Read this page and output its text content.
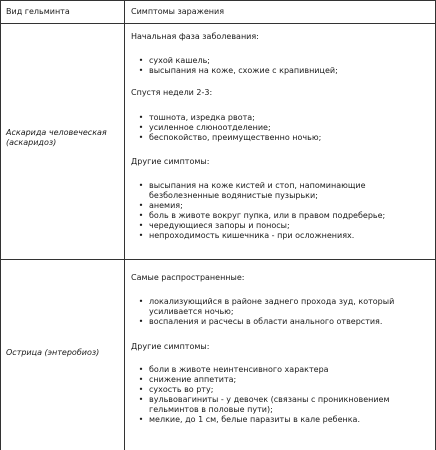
Вид гельминта	Симптомы заражения
Аскарида человеческая (аскаридоз)

Начальная фаза заболевания:

• сухой кашель;
• высыпания на коже, схожие с крапивницей;

Спустя недели 2-3:

• тошнота, изредка рвота;
• усиленное слюноотделение;
• беспокойство, преимущественно ночью;

Другие симптомы:

• высыпания на коже кистей и стоп, напоминающие безболезненные водянистые пузырьки;
• анемия;
• боль в животе вокруг пупка, или в правом подреберье;
• чередующиеся запоры и поносы;
• непроходимость кишечника - при осложнениях.
Острица (энтеробиоз)

Самые распространенные:

• локализующийся в районе заднего прохода зуд, который усиливается ночью;
• воспаления и расчесы в области анального отверстия.

Другие симптомы:

• боли в животе неинтенсивного характера
• снижение аппетита;
• сухость во рту;
• вульвовагиниты - у девочек (связаны с проникновением гельминтов в половые пути);
• мелкие, до 1 см, белые паразиты в кале ребенка.
